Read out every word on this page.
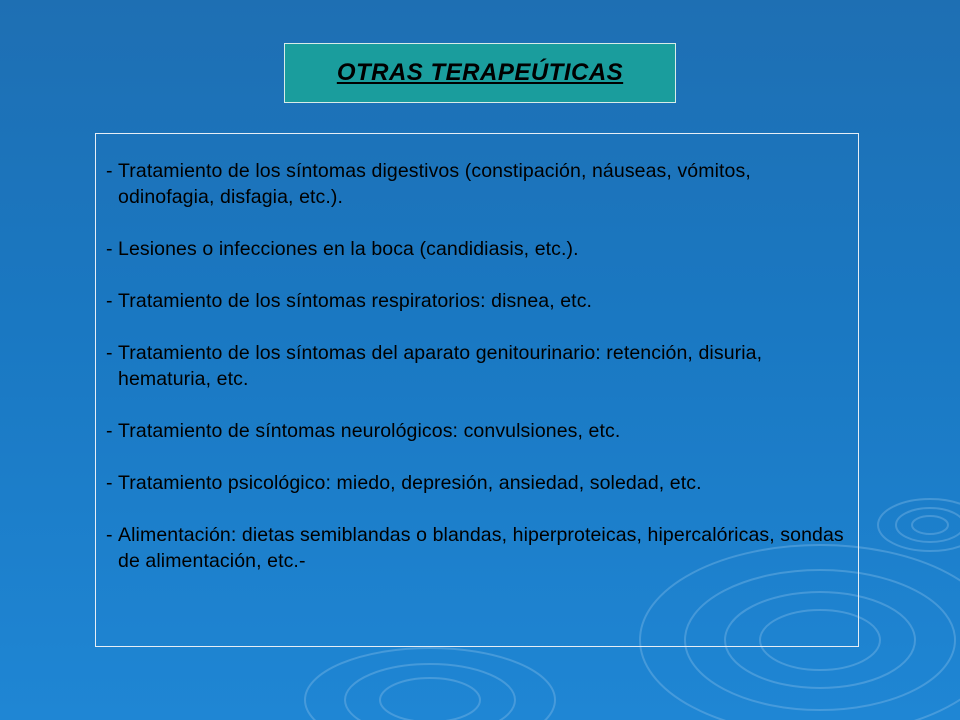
OTRAS TERAPEÚTICAS
- Tratamiento de los síntomas digestivos (constipación, náuseas, vómitos, odinofagia, disfagia, etc.).
- Lesiones o infecciones en la boca (candidiasis, etc.).
- Tratamiento de los síntomas respiratorios: disnea, etc.
- Tratamiento de los síntomas del aparato genitourinario: retención, disuria, hematuria, etc.
- Tratamiento de síntomas neurológicos: convulsiones, etc.
- Tratamiento psicológico: miedo, depresión, ansiedad, soledad, etc.
- Alimentación: dietas semiblandas o blandas, hiperproteicas, hipercalóricas, sondas de alimentación, etc.-
